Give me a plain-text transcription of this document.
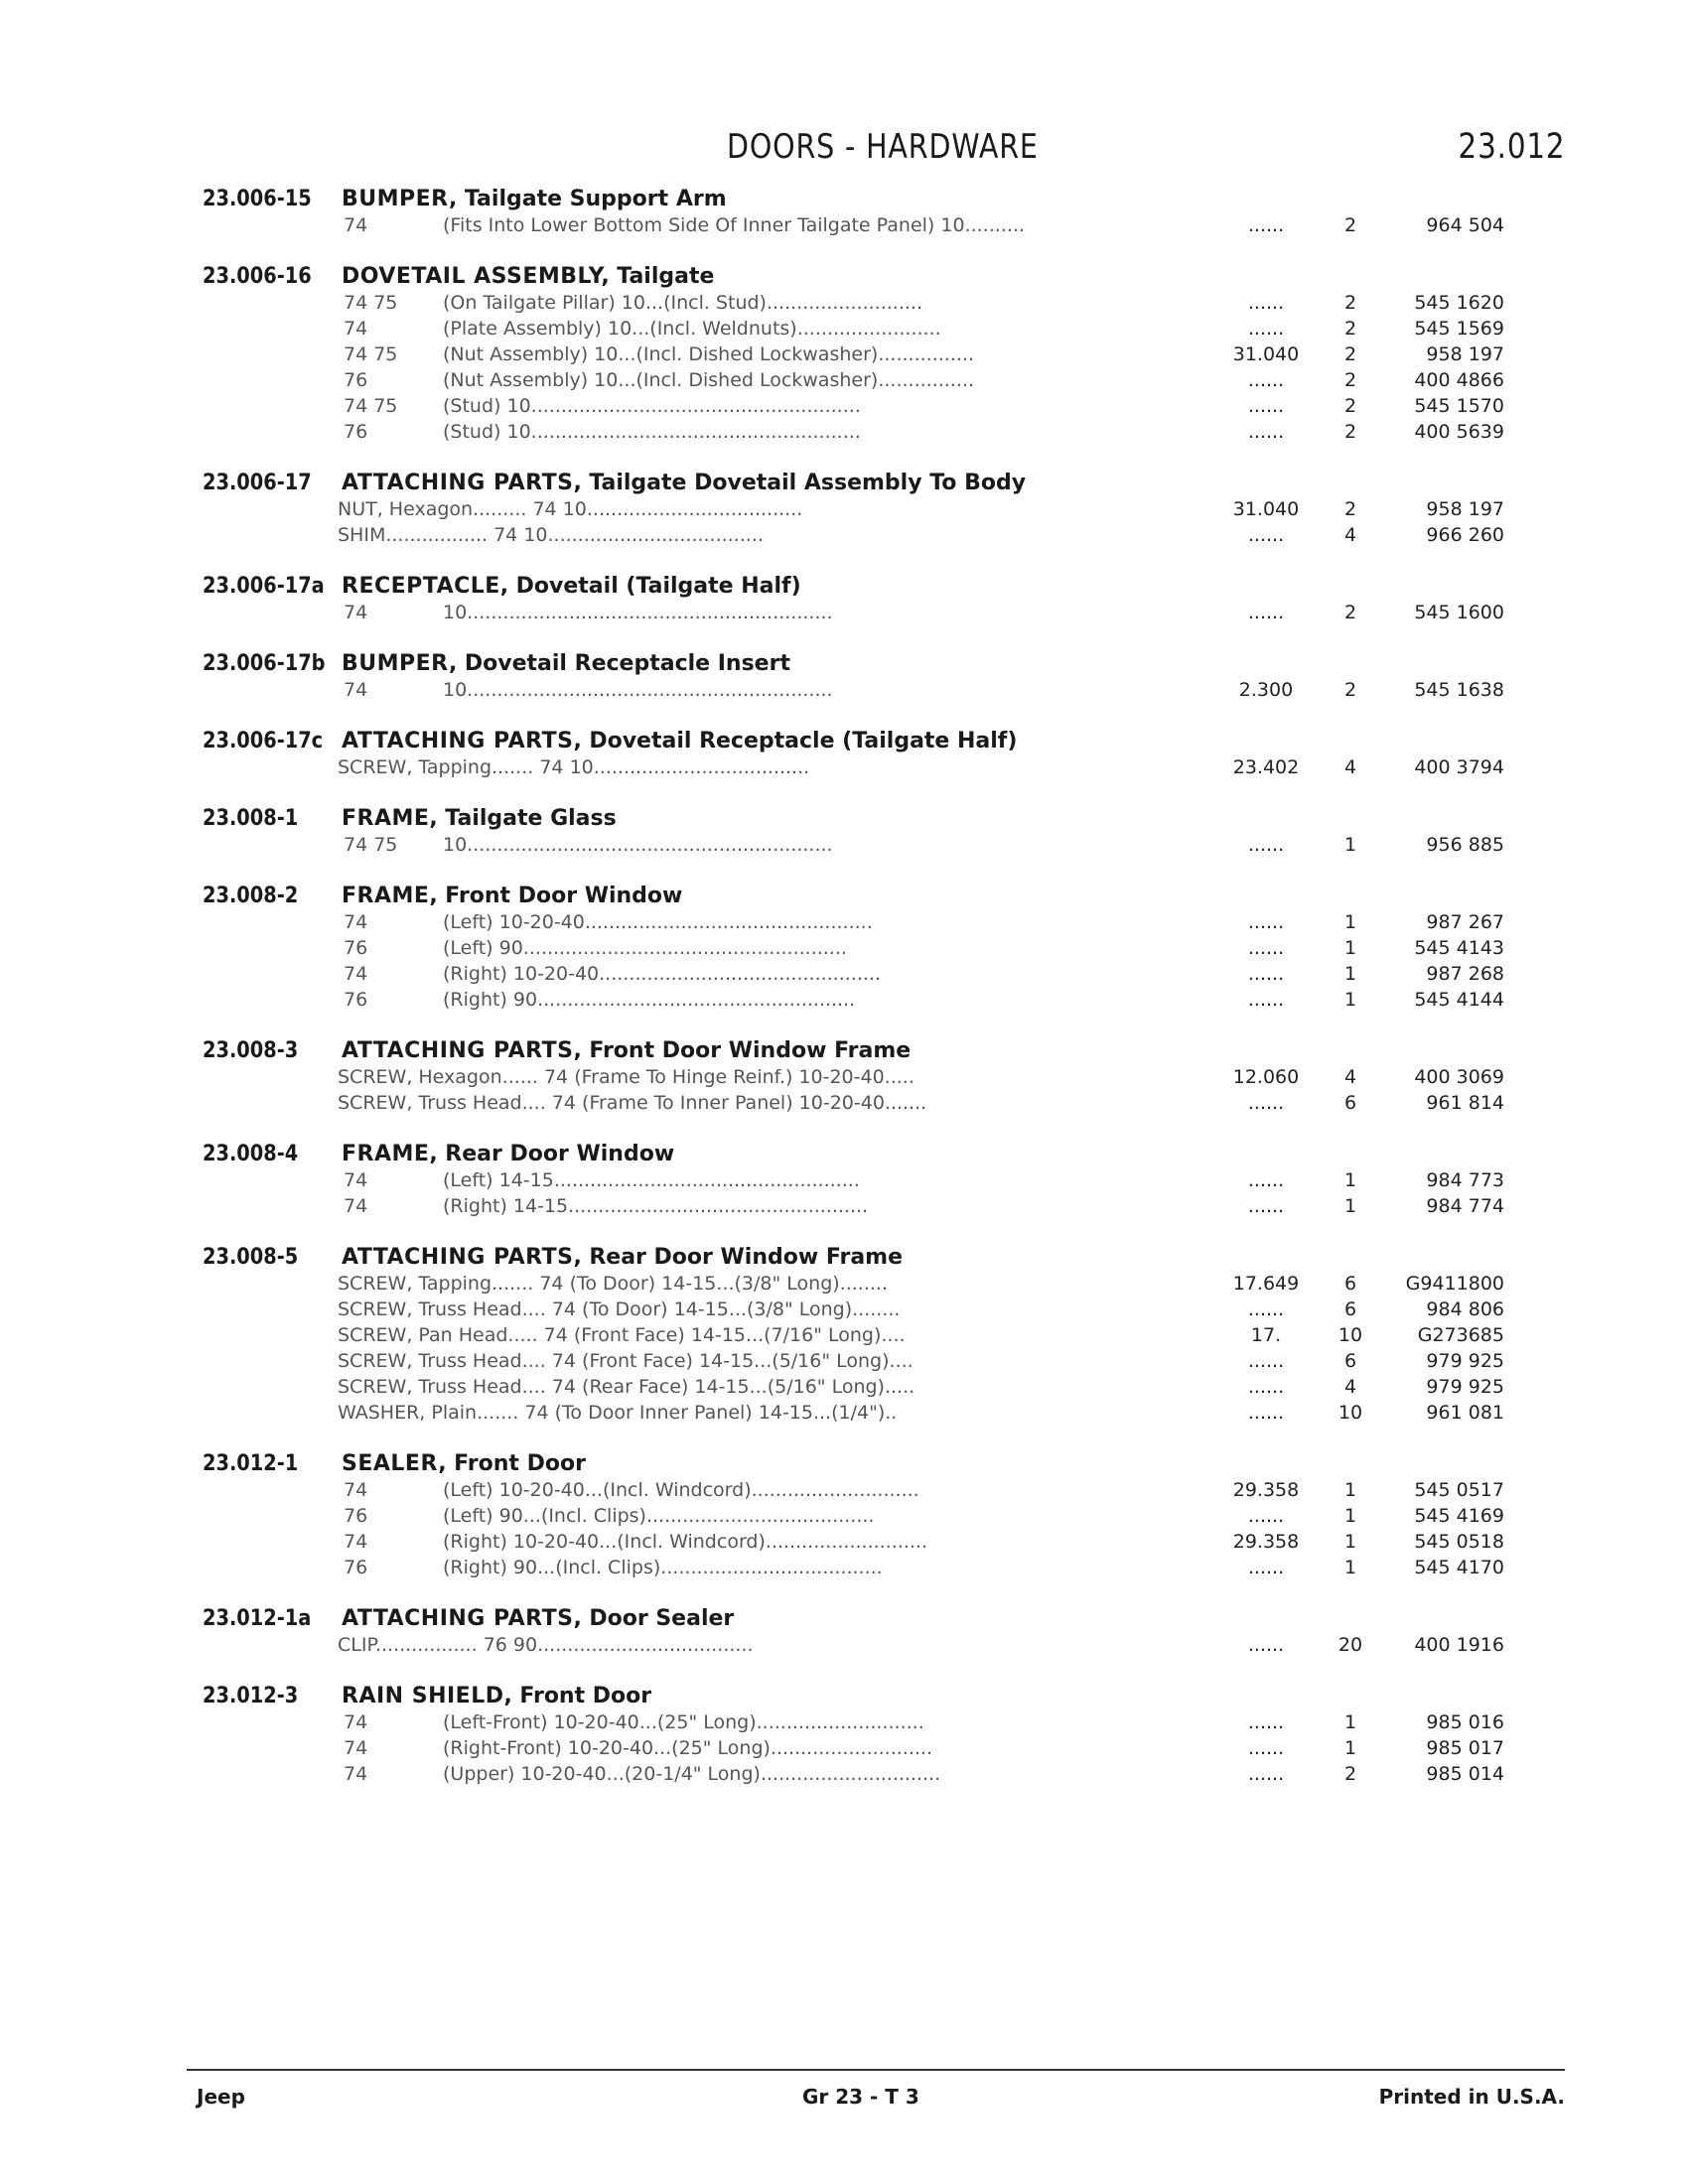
DOORS - HARDWARE	23.012
23.006-15 BUMPER, Tailgate Support Arm
74	(Fits Into Lower Bottom Side Of Inner Tailgate Panel) 10..........	......	2	964 504
23.006-16 DOVETAIL ASSEMBLY, Tailgate
74 75 (On Tailgate Pillar) 10...(Incl. Stud)..........................	......	2	545 1620
74	(Plate Assembly) 10...(Incl. Weldnuts)........................	......	2	545 1569
74 75 (Nut Assembly) 10...(Incl. Dished Lockwasher)................	31.040	2	958 197
76	(Nut Assembly) 10...(Incl. Dished Lockwasher)................	......	2	400 4866
74 75 (Stud) 10.......................................................	......	2	545 1570
76	(Stud) 10.......................................................	......	2	400 5639
23.006-17 ATTACHING PARTS, Tailgate Dovetail Assembly To Body
NUT, Hexagon......... 74 10....................................	31.040	2	958 197
SHIM................. 74 10....................................	......	4	966 260
23.006-17a RECEPTACLE, Dovetail (Tailgate Half)
74	10.............................................................	......	2	545 1600
23.006-17b BUMPER, Dovetail Receptacle Insert
74	10.............................................................	2.300	2	545 1638
23.006-17c ATTACHING PARTS, Dovetail Receptacle (Tailgate Half)
SCREW, Tapping....... 74 10....................................	23.402	4	400 3794
23.008-1 FRAME, Tailgate Glass
74 75 10.............................................................	......	1	956 885
23.008-2 FRAME, Front Door Window
74	(Left) 10-20-40................................................	......	1	987 267
76	(Left) 90......................................................	......	1	545 4143
74	(Right) 10-20-40...............................................	......	1	987 268
76	(Right) 90.....................................................	......	1	545 4144
23.008-3 ATTACHING PARTS, Front Door Window Frame
SCREW, Hexagon...... 74 (Frame To Hinge Reinf.) 10-20-40.....	12.060	4	400 3069
SCREW, Truss Head.... 74 (Frame To Inner Panel) 10-20-40.......	......	6	961 814
23.008-4 FRAME, Rear Door Window
74	(Left) 14-15...................................................	......	1	984 773
74	(Right) 14-15..................................................	......	1	984 774
23.008-5 ATTACHING PARTS, Rear Door Window Frame
SCREW, Tapping....... 74 (To Door) 14-15...(3/8" Long)........	17.649	6	G9411800
SCREW, Truss Head.... 74 (To Door) 14-15...(3/8" Long)........	......	6	984 806
SCREW, Pan Head..... 74 (Front Face) 14-15...(7/16" Long)....	17.	10	G273685
SCREW, Truss Head.... 74 (Front Face) 14-15...(5/16" Long)....	......	6	979 925
SCREW, Truss Head.... 74 (Rear Face) 14-15...(5/16" Long).....	......	4	979 925
WASHER, Plain....... 74 (To Door Inner Panel) 14-15...(1/4")..	......	10	961 081
23.012-1 SEALER, Front Door
74	(Left) 10-20-40...(Incl. Windcord)............................	29.358	1	545 0517
76	(Left) 90...(Incl. Clips)......................................	......	1	545 4169
74	(Right) 10-20-40...(Incl. Windcord)...........................	29.358	1	545 0518
76	(Right) 90...(Incl. Clips).....................................	......	1	545 4170
23.012-1a ATTACHING PARTS, Door Sealer
CLIP................. 76 90....................................	......	20	400 1916
23.012-3 RAIN SHIELD, Front Door
74	(Left-Front) 10-20-40...(25" Long)............................	......	1	985 016
74	(Right-Front) 10-20-40...(25" Long)...........................	......	1	985 017
74	(Upper) 10-20-40...(20-1/4" Long)..............................	......	2	985 014
Jeep	Gr 23 - T 3	Printed in U.S.A.
